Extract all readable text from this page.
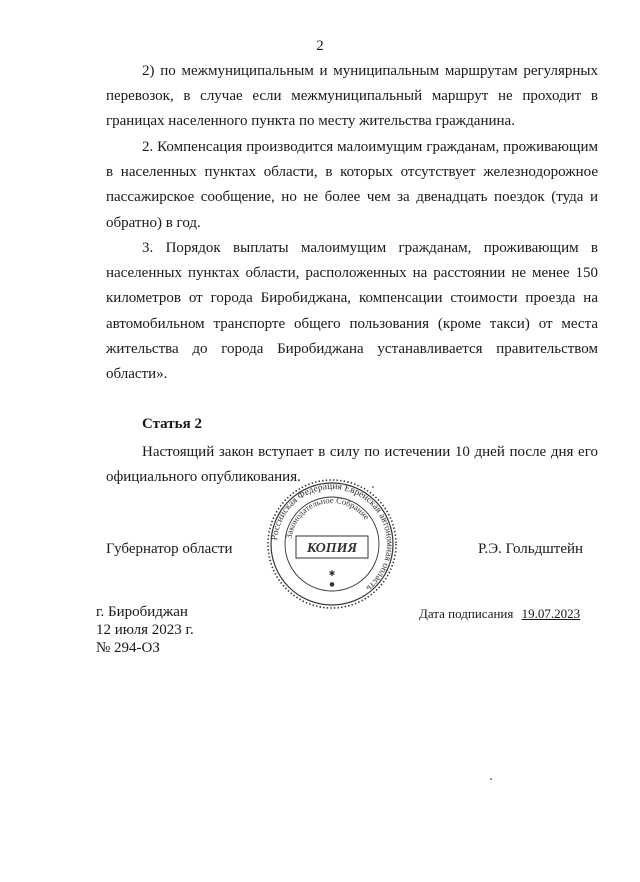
2

2) по межмуниципальным и муниципальным маршрутам регулярных перевозок, в случае если межмуниципальный маршрут не проходит в границах населенного пункта по месту жительства гражданина.

2. Компенсация производится малоимущим гражданам, проживающим в населенных пунктах области, в которых отсутствует железнодорожное пассажирское сообщение, но не более чем за двенадцать поездок (туда и обратно) в год.

3. Порядок выплаты малоимущим гражданам, проживающим в населенных пунктах области, расположенных на расстоянии не менее 150 километров от города Биробиджана, компенсации стоимости проезда на автомобильном транспорте общего пользования (кроме такси) от места жительства до города Биробиджана устанавливается правительством области».

Статья 2

Настоящий закон вступает в силу по истечении 10 дней после дня его официального опубликования.

Губернатор области
Российская Федерация Еврейская автономная область
Законодательное Собрание
КОПИЯ
✱
●
Р.Э. Гольдштейн
г. Биробиджан
12 июля 2023 г.
№ 294-ОЗ
Дата подписания 19.07.2023
